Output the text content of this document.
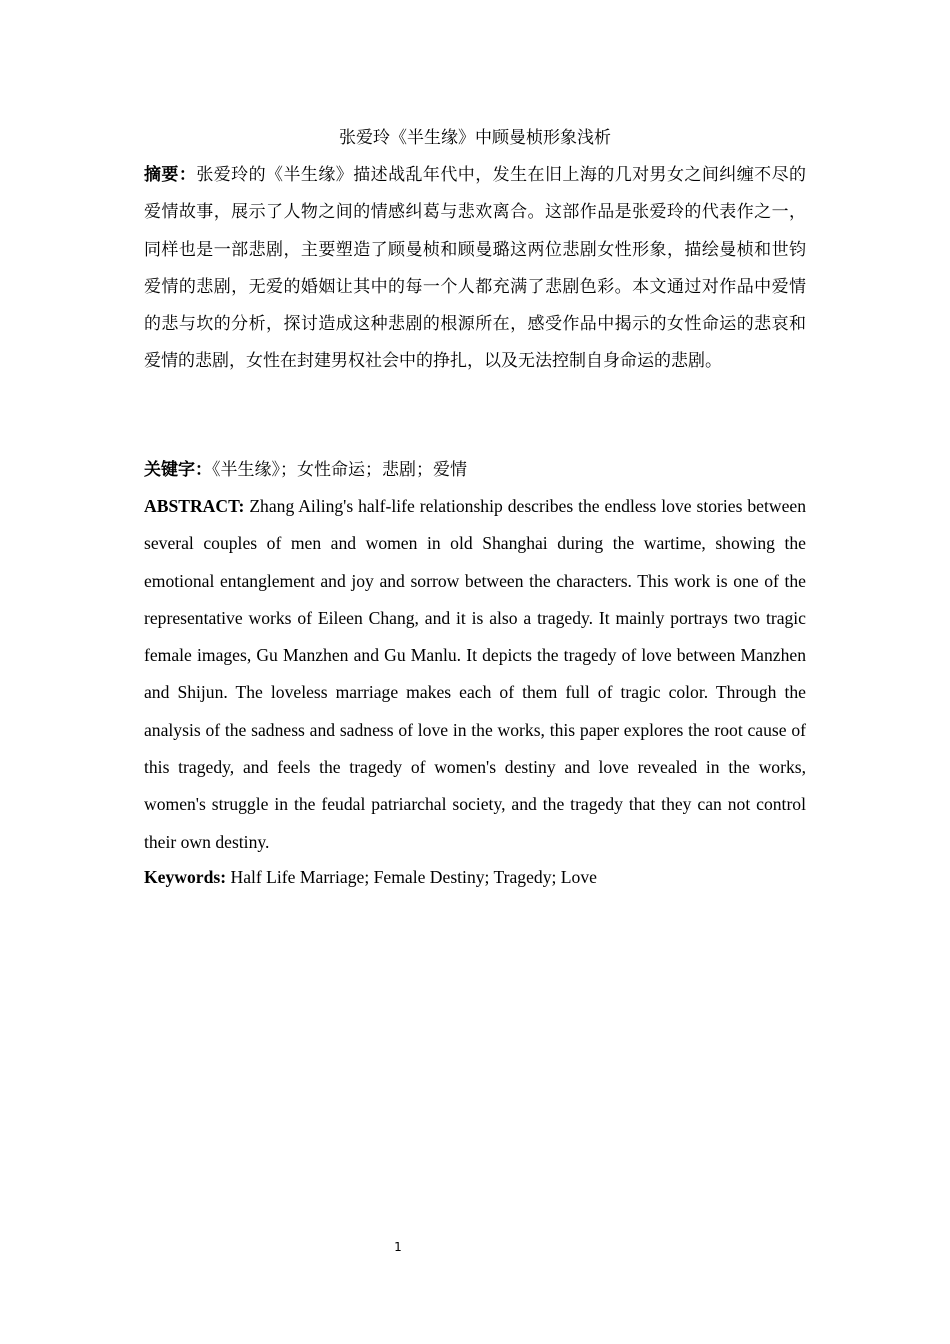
张爱玲《半生缘》中顾曼桢形象浅析
摘要：张爱玲的《半生缘》描述战乱年代中，发生在旧上海的几对男女之间纠缠不尽的爱情故事，展示了人物之间的情感纠葛与悲欢离合。这部作品是张爱玲的代表作之一，同样也是一部悲剧，主要塑造了顾曼桢和顾曼璐这两位悲剧女性形象，描绘曼桢和世钧爱情的悲剧，无爱的婚姻让其中的每一个人都充满了悲剧色彩。本文通过对作品中爱情的悲与坎的分析，探讨造成这种悲剧的根源所在，感受作品中揭示的女性命运的悲哀和爱情的悲剧，女性在封建男权社会中的挣扎，以及无法控制自身命运的悲剧。
关键字：《半生缘》；女性命运；悲剧；爱情
ABSTRACT: Zhang Ailing's half-life relationship describes the endless love stories between several couples of men and women in old Shanghai during the wartime, showing the emotional entanglement and joy and sorrow between the characters. This work is one of the representative works of Eileen Chang, and it is also a tragedy. It mainly portrays two tragic female images, Gu Manzhen and Gu Manlu. It depicts the tragedy of love between Manzhen and Shijun. The loveless marriage makes each of them full of tragic color. Through the analysis of the sadness and sadness of love in the works, this paper explores the root cause of this tragedy, and feels the tragedy of women's destiny and love revealed in the works, women's struggle in the feudal patriarchal society, and the tragedy that they can not control their own destiny.
Keywords: Half Life Marriage; Female Destiny; Tragedy; Love
1
